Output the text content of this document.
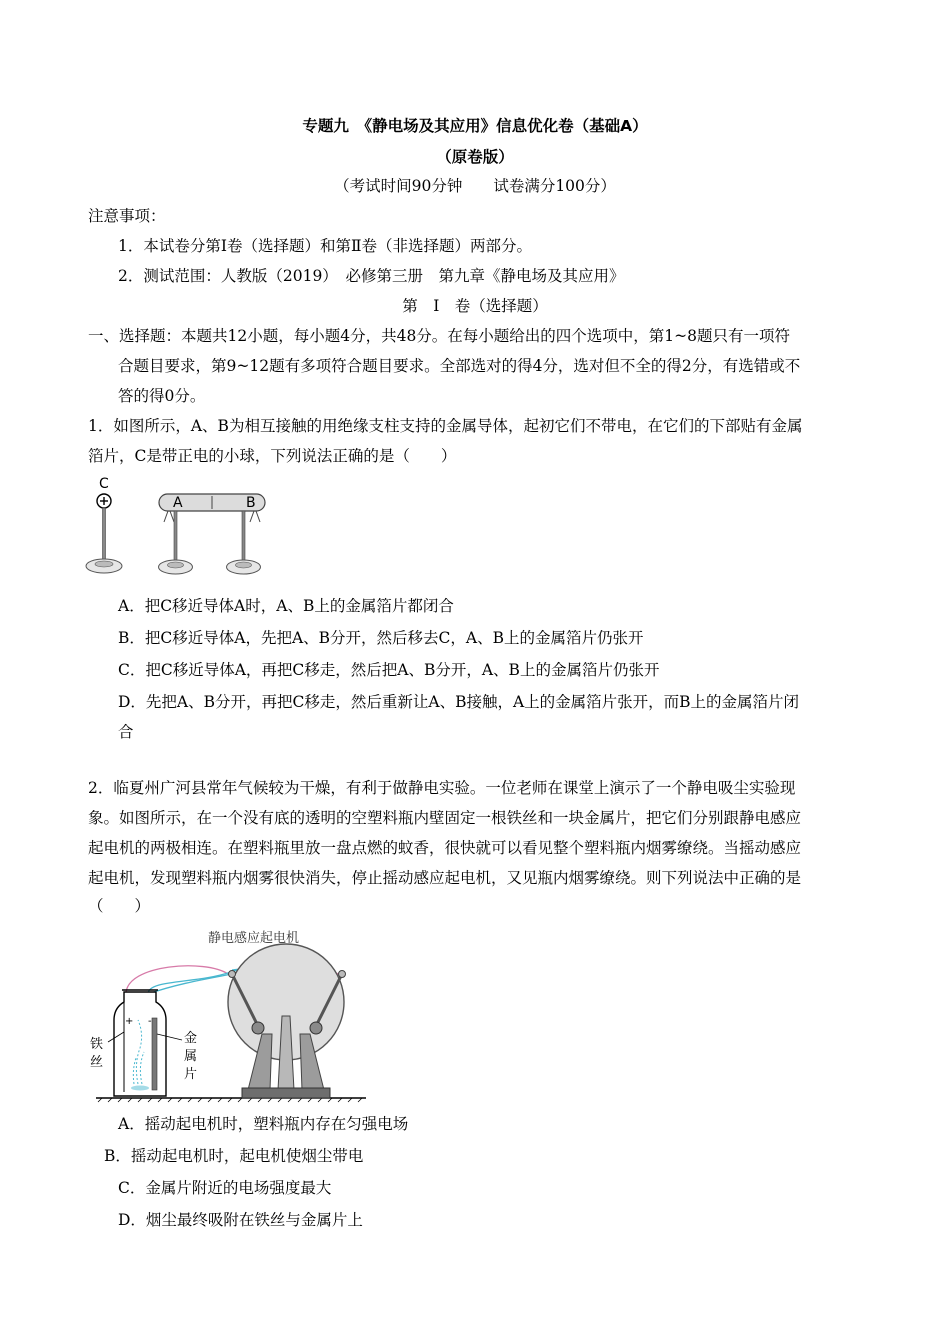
专题九　《静电场及其应用》信息优化卷（基础A）
（原卷版）
（考试时间90分钟　　试卷满分100分）
注意事项：
1．本试卷分第Ⅰ卷（选择题）和第Ⅱ卷（非选择题）两部分。
2．测试范围：人教版（2019）　必修第三册　第九章《静电场及其应用》
第　Ⅰ　卷（选择题）
一、选择题：本题共12小题，每小题4分，共48分。在每小题给出的四个选项中，第1~8题只有一项符
合题目要求，第9~12题有多项符合题目要求。全部选对的得4分，选对但不全的得2分，有选错或不
答的得0分。
1．如图所示，A、B为相互接触的用绝缘支柱支持的金属导体，起初它们不带电，在它们的下部贴有金属
箔片，C是带正电的小球，下列说法正确的是（　　）
C
A	B
A．把C移近导体A时，A、B上的金属箔片都闭合
B．把C移近导体A，先把A、B分开，然后移去C，A、B上的金属箔片仍张开
C．把C移近导体A，再把C移走，然后把A、B分开，A、B上的金属箔片仍张开
D．先把A、B分开，再把C移走，然后重新让A、B接触，A上的金属箔片张开，而B上的金属箔片闭
合
2．临夏州广河县常年气候较为干燥，有利于做静电实验。一位老师在课堂上演示了一个静电吸尘实验现
象。如图所示，在一个没有底的透明的空塑料瓶内壁固定一根铁丝和一块金属片，把它们分别跟静电感应
起电机的两极相连。在塑料瓶里放一盘点燃的蚊香，很快就可以看见整个塑料瓶内烟雾缭绕。当摇动感应
起电机，发现塑料瓶内烟雾很快消失，停止摇动感应起电机，又见瓶内烟雾缭绕。则下列说法中正确的是
（　　）
静电感应起电机
+ -
铁
丝
金
属
片
A．摇动起电机时，塑料瓶内存在匀强电场
B．摇动起电机时，起电机使烟尘带电
C．金属片附近的电场强度最大
D．烟尘最终吸附在铁丝与金属片上
